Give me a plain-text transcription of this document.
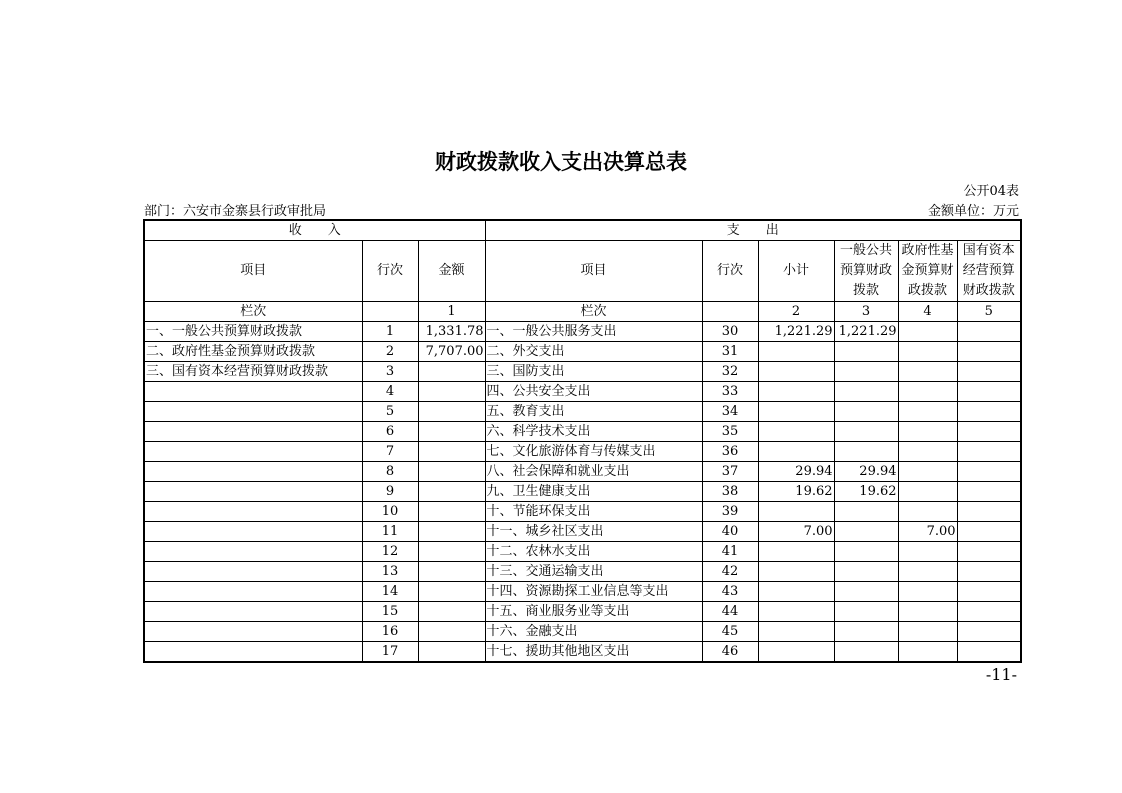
财政拨款收入支出决算总表
公开04表
部门：六安市金寨县行政审批局	金额单位：万元
收　　入			支　　出					
项目	行次	金额	项目	行次	小计	一般公共预算财政拨款	政府性基金预算财政拨款	国有资本经营预算财政拨款
栏次		1	栏次		2	3	4	5
一、一般公共预算财政拨款	1	1,331.78	一、一般公共服务支出	30	1,221.29	1,221.29		
二、政府性基金预算财政拨款	2	7,707.00	二、外交支出	31				
三、国有资本经营预算财政拨款	3		三、国防支出	32				
	4		四、公共安全支出	33				
	5		五、教育支出	34				
	6		六、科学技术支出	35				
	7		七、文化旅游体育与传媒支出	36				
	8		八、社会保障和就业支出	37	29.94	29.94		
	9		九、卫生健康支出	38	19.62	19.62		
	10		十、节能环保支出	39				
	11		十一、城乡社区支出	40	7.00		7.00	
	12		十二、农林水支出	41				
	13		十三、交通运输支出	42				
	14		十四、资源勘探工业信息等支出	43				
	15		十五、商业服务业等支出	44				
	16		十六、金融支出	45				
	17		十七、援助其他地区支出	46				
-11-
